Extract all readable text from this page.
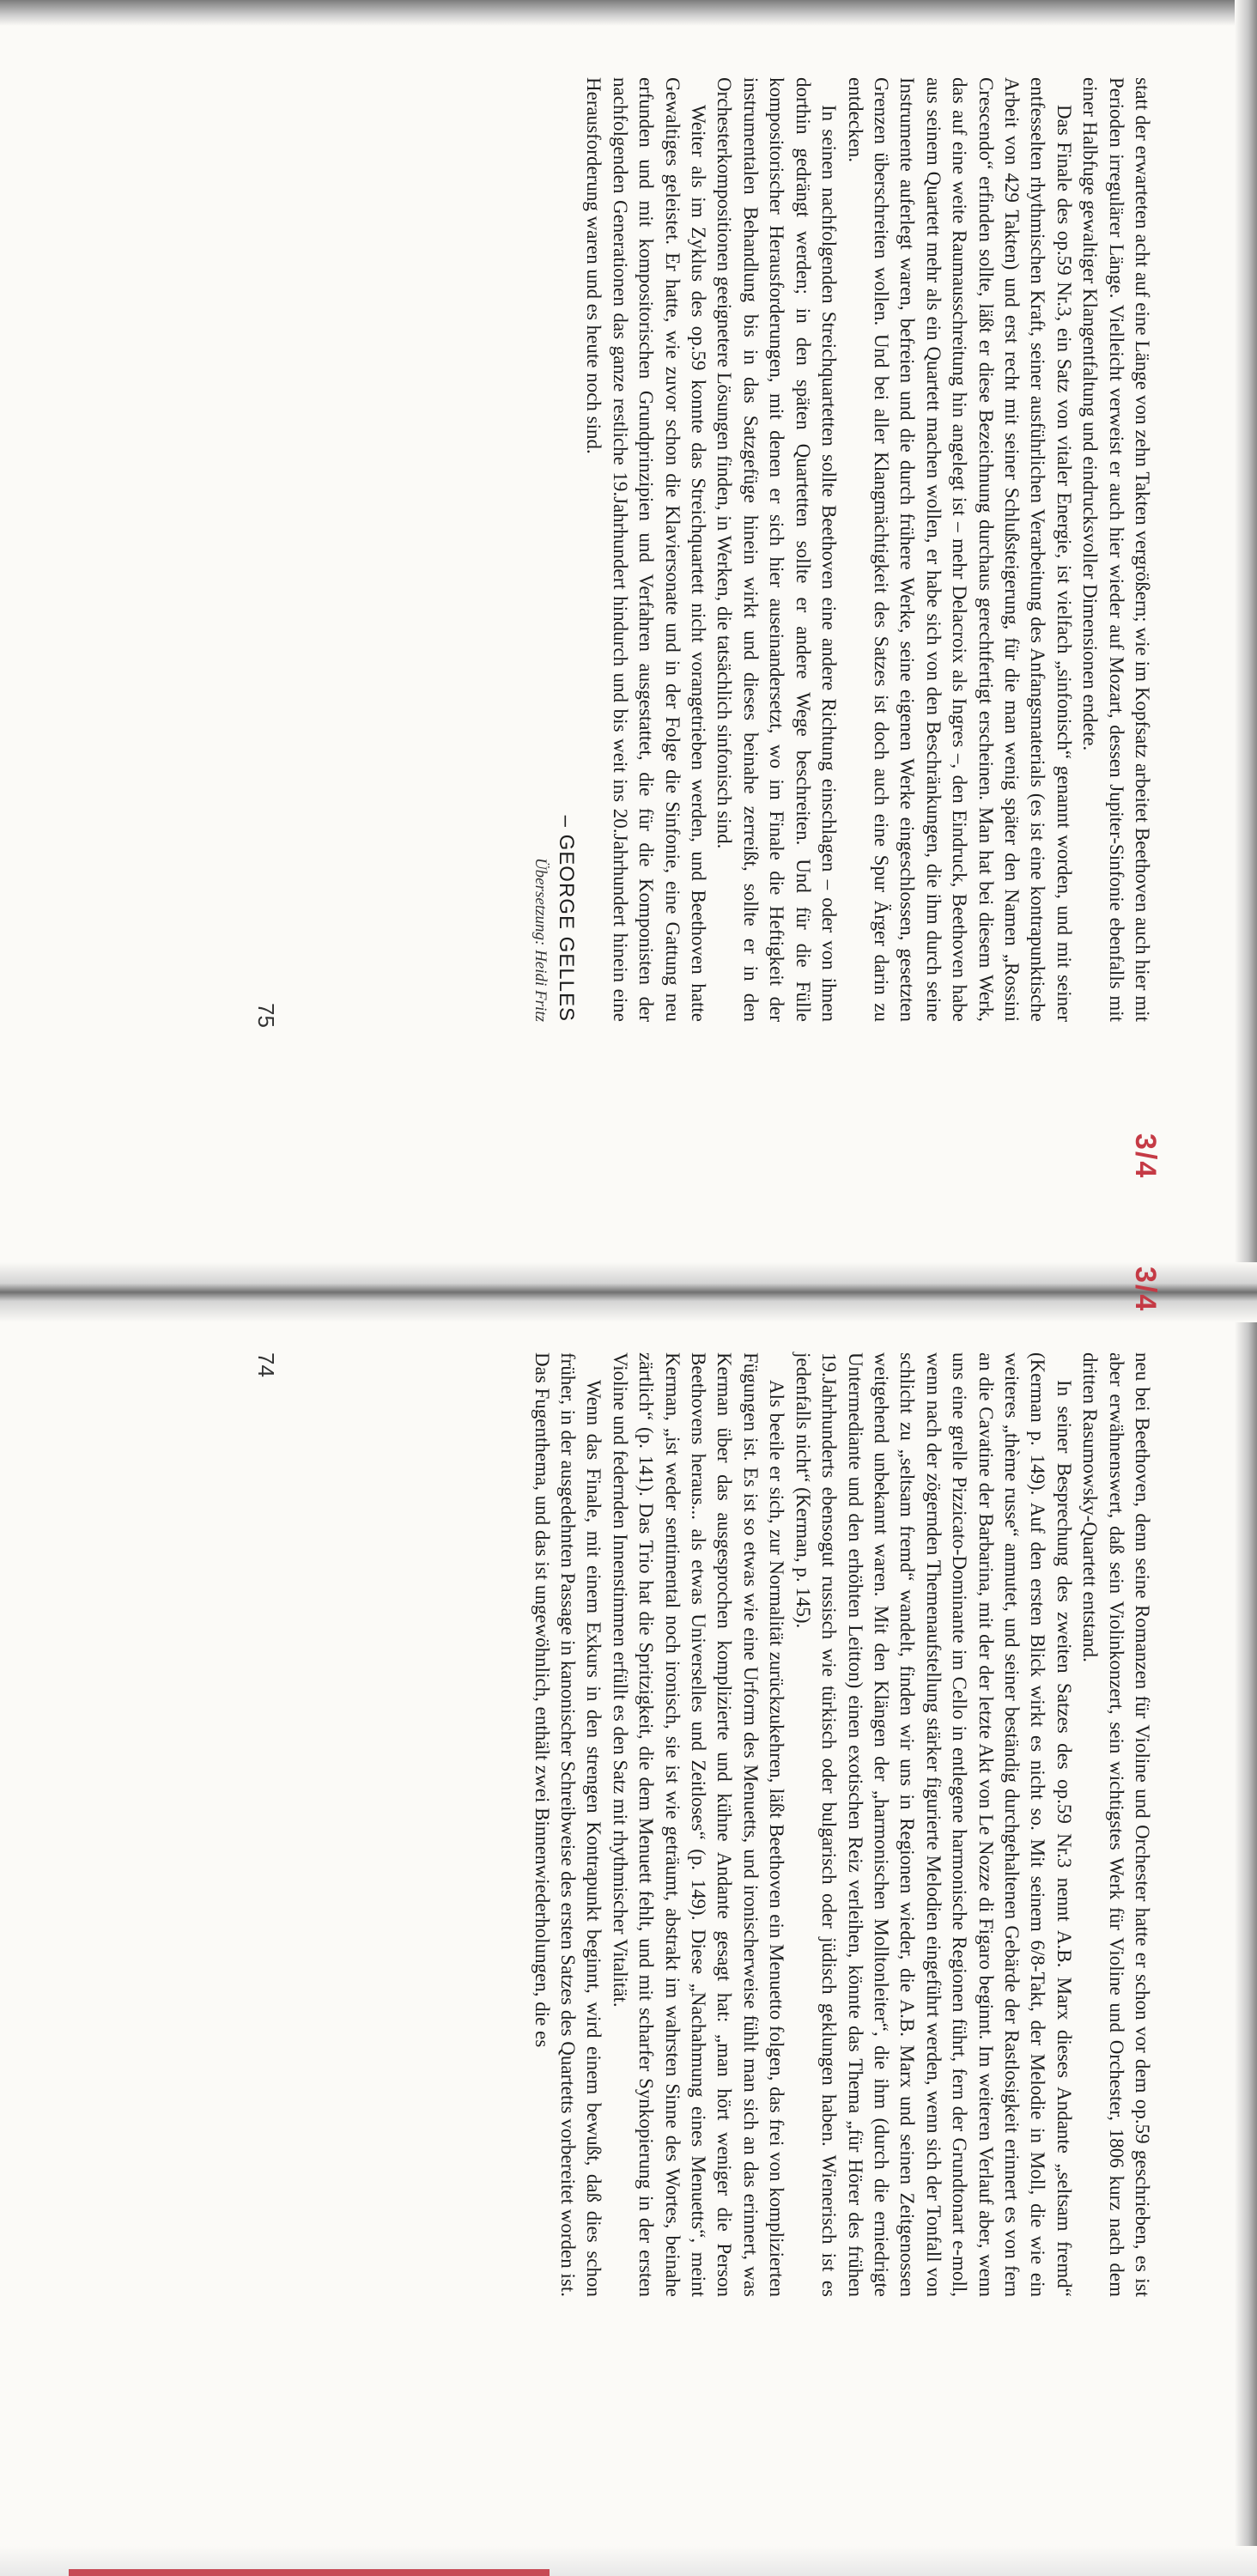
3/4

neu bei Beethoven, denn seine Romanzen für Violine und Orchester hatte er schon vor dem op.59 geschrieben, es ist aber erwähnenswert, daß sein Violinkonzert, sein wichtigstes Werk für Violine und Orchester, 1806 kurz nach dem dritten Rasumowsky-Quartett entstand.

In seiner Besprechung des zweiten Satzes des op.59 Nr.3 nennt A.B. Marx dieses Andante „seltsam fremd“ (Kerman p. 149). Auf den ersten Blick wirkt es nicht so. Mit seinem 6/8-Takt, der Melodie in Moll, die wie ein weiteres „thème russe“ anmutet, und seiner beständig durchgehaltenen Gebärde der Rastlosigkeit erinnert es von fern an die Cavatine der Barbarina, mit der der letzte Akt von Le Nozze di Figaro beginnt. Im weiteren Verlauf aber, wenn uns eine grelle Pizzicato-Dominante im Cello in entlegene harmonische Regionen führt, fern der Grundtonart e-moll, wenn nach der zögernden Themenaufstellung stärker figurierte Melodien eingeführt werden, wenn sich der Tonfall von schlicht zu „seltsam fremd“ wandelt, finden wir uns in Regionen wieder, die A.B. Marx und seinen Zeitgenossen weitgehend unbekannt waren. Mit den Klängen der „harmonischen Molltonleiter“, die ihm (durch die erniedrigte Untermediante und den erhöhten Leitton) einen exotischen Reiz verleihen, könnte das Thema „für Hörer des frühen 19.Jahrhunderts ebensogut russisch wie türkisch oder bulgarisch oder jüdisch geklungen haben. Wienerisch ist es jedenfalls nicht“ (Kerman, p. 145).

Als beeile er sich, zur Normalität zurückzukehren, läßt Beethoven ein Menuetto folgen, das frei von komplizierten Fügungen ist. Es ist so etwas wie eine Urform des Menuetts, und ironischerweise fühlt man sich an das erinnert, was Kerman über das ausgesprochen komplizierte und kühne Andante gesagt hat: „man hört weniger die Person Beethovens heraus... als etwas Universelles und Zeitloses“ (p. 149). Diese „Nachahmung eines Menuetts“, meint Kerman, „ist weder sentimental noch ironisch, sie ist wie geträumt, abstrakt im wahrsten Sinne des Wortes, beinahe zärtlich“ (p. 141). Das Trio hat die Spritzigkeit, die dem Menuett fehlt, und mit scharfer Synkopierung in der ersten Violine und federnden Innenstimmen erfüllt es den Satz mit rhythmischer Vitalität.

Wenn das Finale, mit einem Exkurs in den strengen Kontrapunkt beginnt, wird einem bewußt, daß dies schon früher, in der ausgedehnten Passage in kanonischer Schreibweise des ersten Satzes des Quartetts vorbereitet worden ist. Das Fugenthema, und das ist ungewöhnlich, enthält zwei Binnenwiederholungen, die es

74
3/4

statt der erwarteten acht auf eine Länge von zehn Takten vergrößern; wie im Kopfsatz arbeitet Beethoven auch hier mit Perioden irregulärer Länge. Vielleicht verweist er auch hier wieder auf Mozart, dessen Jupiter-Sinfonie ebenfalls mit einer Halbfuge gewaltiger Klangentfaltung und eindrucksvoller Dimensionen endete.

Das Finale des op.59 Nr.3, ein Satz von vitaler Energie, ist vielfach „sinfonisch“ genannt worden, und mit seiner entfesselten rhythmischen Kraft, seiner ausführlichen Verarbeitung des Anfangsmaterials (es ist eine kontrapunktische Arbeit von 429 Takten) und erst recht mit seiner Schlußsteigerung, für die man wenig später den Namen „Rossini Crescendo“ erfinden sollte, läßt er diese Bezeichnung durchaus gerechtfertigt erscheinen. Man hat bei diesem Werk, das auf eine weite Raumausschreitung hin angelegt ist – mehr Delacroix als Ingres –, den Eindruck, Beethoven habe aus seinem Quartett mehr als ein Quartett machen wollen, er habe sich von den Beschränkungen, die ihm durch seine Instrumente auferlegt waren, befreien und die durch frühere Werke, seine eigenen Werke eingeschlossen, gesetzten Grenzen überschreiten wollen. Und bei aller Klangmächtigkeit des Satzes ist doch auch eine Spur Ärger darin zu entdecken.

In seinen nachfolgenden Streichquartetten sollte Beethoven eine andere Richtung einschlagen – oder von ihnen dorthin gedrängt werden; in den späten Quartetten sollte er andere Wege beschreiten. Und für die Fülle kompositorischer Herausforderungen, mit denen er sich hier auseinandersetzt, wo im Finale die Heftigkeit der instrumentalen Behandlung bis in das Satzgefüge hinein wirkt und dieses beinahe zerreißt, sollte er in den Orchesterkompositionen geeignetere Lösungen finden, in Werken, die tatsächlich sinfonisch sind.

Weiter als im Zyklus des op.59 konnte das Streichquartett nicht vorangetrieben werden, und Beethoven hatte Gewaltiges geleistet. Er hatte, wie zuvor schon die Klaviersonate und in der Folge die Sinfonie, eine Gattung neu erfunden und mit kompositorischen Grundprinzipien und Verfahren ausgestattet, die für die Komponisten der nachfolgenden Generationen das ganze restliche 19.Jahrhundert hindurch und bis weit ins 20.Jahrhundert hinein eine Herausforderung waren und es heute noch sind.

– GEORGE GELLES
Übersetzung: Heidi Fritz
75
